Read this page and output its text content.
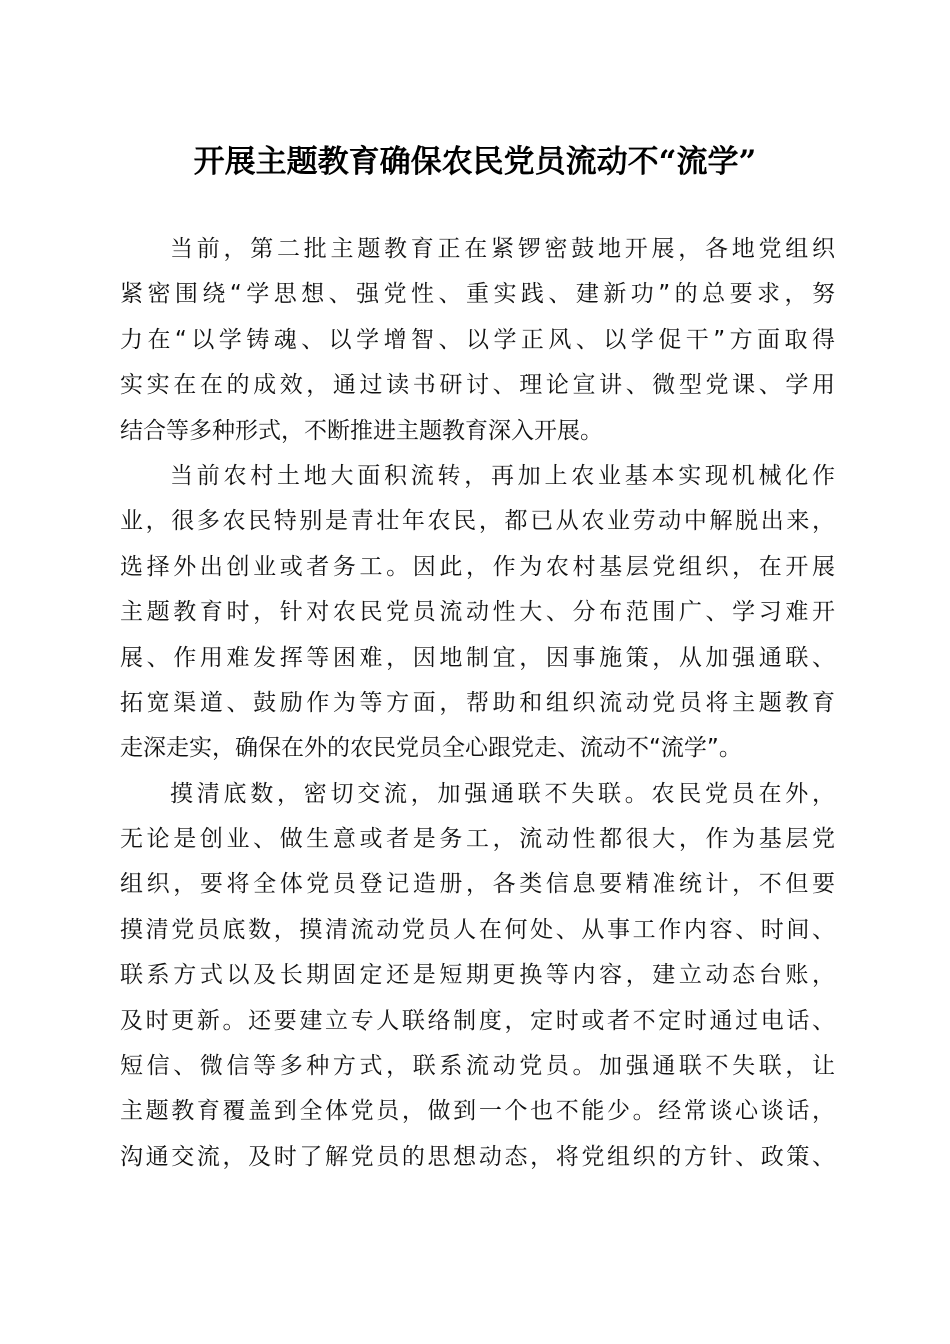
开展主题教育确保农民党员流动不“流学”

当前，第二批主题教育正在紧锣密鼓地开展，各地党组织
紧密围绕“学思想、强党性、重实践、建新功”的总要求，努
力在“以学铸魂、以学增智、以学正风、以学促干”方面取得
实实在在的成效，通过读书研讨、理论宣讲、微型党课、学用
结合等多种形式，不断推进主题教育深入开展。

当前农村土地大面积流转，再加上农业基本实现机械化作
业，很多农民特别是青壮年农民，都已从农业劳动中解脱出来，
选择外出创业或者务工。因此，作为农村基层党组织，在开展
主题教育时，针对农民党员流动性大、分布范围广、学习难开
展、作用难发挥等困难，因地制宜，因事施策，从加强通联、
拓宽渠道、鼓励作为等方面，帮助和组织流动党员将主题教育
走深走实，确保在外的农民党员全心跟党走、流动不“流学”。

摸清底数，密切交流，加强通联不失联。农民党员在外，
无论是创业、做生意或者是务工，流动性都很大，作为基层党
组织，要将全体党员登记造册，各类信息要精准统计，不但要
摸清党员底数，摸清流动党员人在何处、从事工作内容、时间、
联系方式以及长期固定还是短期更换等内容，建立动态台账，
及时更新。还要建立专人联络制度，定时或者不定时通过电话、
短信、微信等多种方式，联系流动党员。加强通联不失联，让
主题教育覆盖到全体党员，做到一个也不能少。经常谈心谈话，
沟通交流，及时了解党员的思想动态，将党组织的方针、政策、
